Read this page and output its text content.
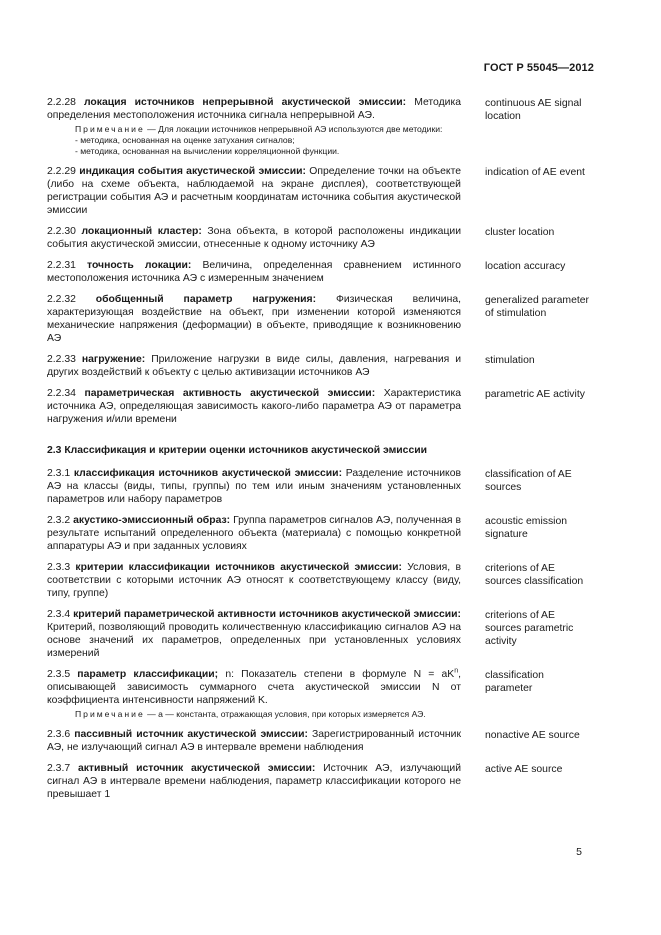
ГОСТ Р 55045—2012
2.2.28 локация источников непрерывной акустической эмиссии: Методика определения местоположения источника сигнала непрерывной АЭ.
Примечание — Для локации источников непрерывной АЭ используются две методики:
- методика, основанная на оценке затухания сигналов;
- методика, основанная на вычислении корреляционной функции.
continuous AE signal location
2.2.29 индикация события акустической эмиссии: Определение точки на объекте (либо на схеме объекта, наблюдаемой на экране дисплея), соответствующей регистрации события АЭ и расчетным координатам источника события акустической эмиссии
indication of AE event
2.2.30 локационный кластер: Зона объекта, в которой расположены индикации события акустической эмиссии, отнесенные к одному источнику АЭ
cluster location
2.2.31 точность локации: Величина, определенная сравнением истинного местоположения источника АЭ с измеренным значением
location accuracy
2.2.32 обобщенный параметр нагружения: Физическая величина, характеризующая воздействие на объект, при изменении которой изменяются механические напряжения (деформации) в объекте, приводящие к возникновению АЭ
generalized parameter of stimulation
2.2.33 нагружение: Приложение нагрузки в виде силы, давления, нагревания и других воздействий к объекту с целью активизации источников АЭ
stimulation
2.2.34 параметрическая активность акустической эмиссии: Характеристика источника АЭ, определяющая зависимость какого-либо параметра АЭ от параметра нагружения и/или времени
parametric AE activity
2.3 Классификация и критерии оценки источников акустической эмиссии
2.3.1 классификация источников акустической эмиссии: Разделение источников АЭ на классы (виды, типы, группы) по тем или иным значениям установленных параметров или набору параметров
classification of AE sources
2.3.2 акустико-эмиссионный образ: Группа параметров сигналов АЭ, полученная в результате испытаний определенного объекта (материала) с помощью конкретной аппаратуры АЭ и при заданных условиях
acoustic emission signature
2.3.3 критерии классификации источников акустической эмиссии: Условия, в соответствии с которыми источник АЭ относят к соответствующему классу (виду, типу, группе)
criterions of AE sources classification
2.3.4 критерий параметрической активности источников акустической эмиссии: Критерий, позволяющий проводить количественную классификацию сигналов АЭ на основе значений их параметров, определенных при установленных условиях измерений
criterions of AE sources parametric activity
2.3.5 параметр классификации; n: Показатель степени в формуле $N = aK^n$, описывающей зависимость суммарного счета акустической эмиссии N от коэффициента интенсивности напряжений K.
Примечание — a — константа, отражающая условия, при которых измеряется АЭ.
classification parameter
2.3.6 пассивный источник акустической эмиссии: Зарегистрированный источник АЭ, не излучающий сигнал АЭ в интервале времени наблюдения
nonactive AE source
2.3.7 активный источник акустической эмиссии: Источник АЭ, излучающий сигнал АЭ в интервале времени наблюдения, параметр классификации которого не превышает 1
active AE source
5
